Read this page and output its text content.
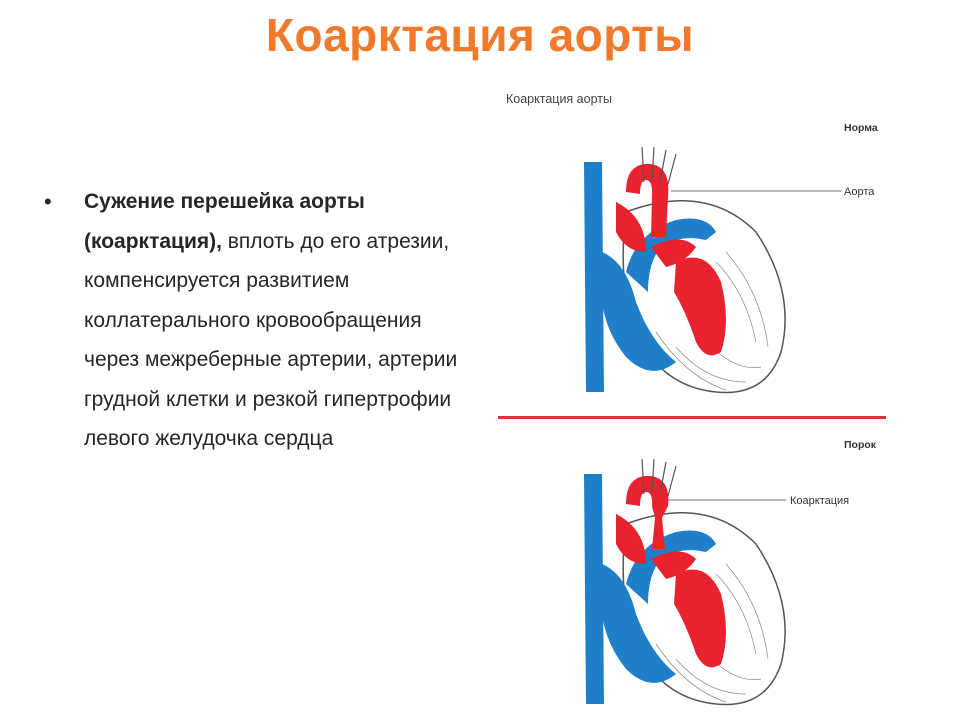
Коарктация аорты
• Сужение перешейка аорты (коарктация), вплоть до его атрезии, компенсируется развитием коллатерального кровообращения через межреберные артерии, артерии грудной клетки и резкой гипертрофии левого желудочка сердца
Коарктация аорты
Норма
Аорта
Порок
Коарктация
